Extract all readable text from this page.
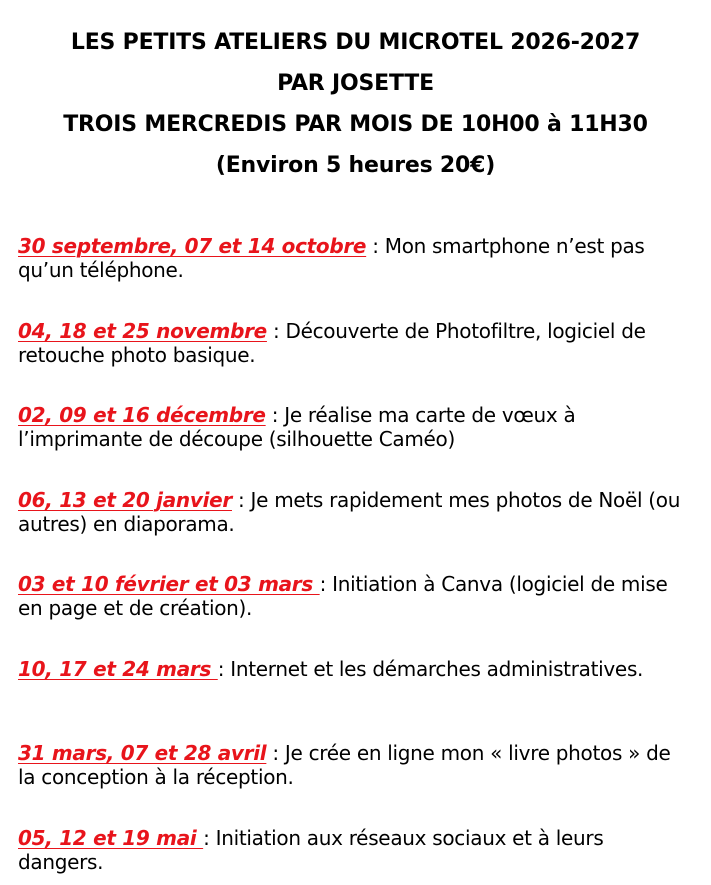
LES PETITS ATELIERS DU MICROTEL 2026-2027
PAR JOSETTE
TROIS MERCREDIS PAR MOIS DE 10H00 à 11H30
(Environ 5 heures 20€)
30 septembre, 07 et 14 octobre : Mon smartphone n’est pas qu’un téléphone.
04, 18 et 25 novembre : Découverte de Photofiltre, logiciel de retouche photo basique.
02, 09 et 16 décembre : Je réalise ma carte de vœux à l’imprimante de découpe (silhouette Caméo)
06, 13 et 20 janvier : Je mets rapidement mes photos de Noël (ou autres) en diaporama.
03 et 10 février et 03 mars : Initiation à Canva (logiciel de mise en page et de création).
10, 17 et 24 mars : Internet et les démarches administratives.
31 mars, 07 et 28 avril : Je crée en ligne mon « livre photos » de la conception à la réception.
05, 12 et 19 mai : Initiation aux réseaux sociaux et à leurs dangers.
